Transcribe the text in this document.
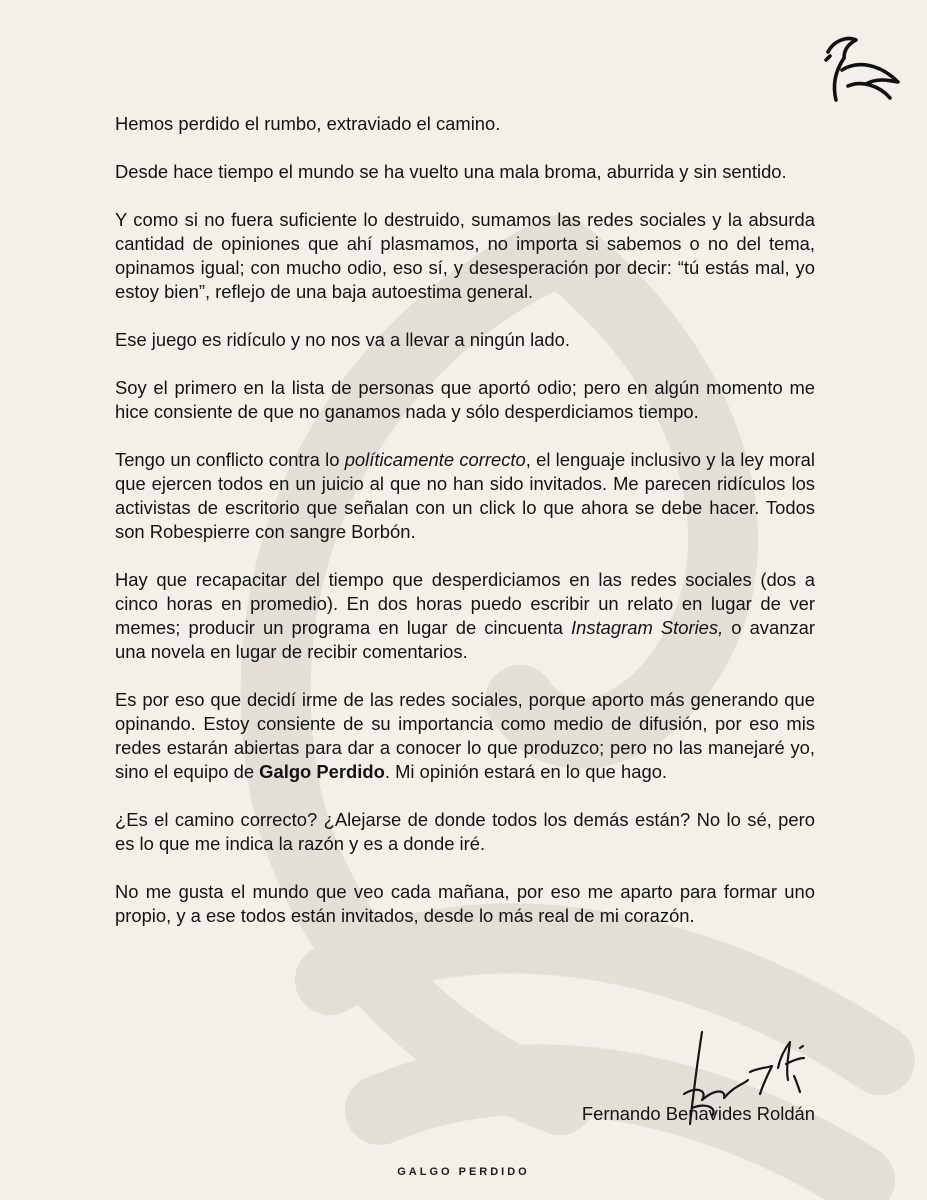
Hemos perdido el rumbo, extraviado el camino.

Desde hace tiempo el mundo se ha vuelto una mala broma, aburrida y sin sentido.

Y como si no fuera suficiente lo destruido, sumamos las redes sociales y la absurda cantidad de opiniones que ahí plasmamos, no importa si sabemos o no del tema, opinamos igual; con mucho odio, eso sí, y desesperación por decir: “tú estás mal, yo estoy bien”, reflejo de una baja autoestima general.

Ese juego es ridículo y no nos va a llevar a ningún lado.

Soy el primero en la lista de personas que aportó odio; pero en algún momento me hice consiente de que no ganamos nada y sólo desperdiciamos tiempo.

Tengo un conflicto contra lo políticamente correcto, el lenguaje inclusivo y la ley moral que ejercen todos en un juicio al que no han sido invitados. Me parecen ridículos los activistas de escritorio que señalan con un click lo que ahora se debe hacer. Todos son Robespierre con sangre Borbón.

Hay que recapacitar del tiempo que desperdiciamos en las redes sociales (dos a cinco horas en promedio). En dos horas puedo escribir un relato en lugar de ver memes; producir un programa en lugar de cincuenta Instagram Stories, o avanzar una novela en lugar de recibir comentarios.

Es por eso que decidí irme de las redes sociales, porque aporto más generando que opinando. Estoy consiente de su importancia como medio de difusión, por eso mis redes estarán abiertas para dar a conocer lo que produzco; pero no las manejaré yo, sino el equipo de Galgo Perdido. Mi opinión estará en lo que hago.

¿Es el camino correcto? ¿Alejarse de donde todos los demás están? No lo sé, pero es lo que me indica la razón y es a donde iré.

No me gusta el mundo que veo cada mañana, por eso me aparto para formar uno propio, y a ese todos están invitados, desde lo más real de mi corazón.

Fernando Benavides Roldán
GALGO PERDIDO
